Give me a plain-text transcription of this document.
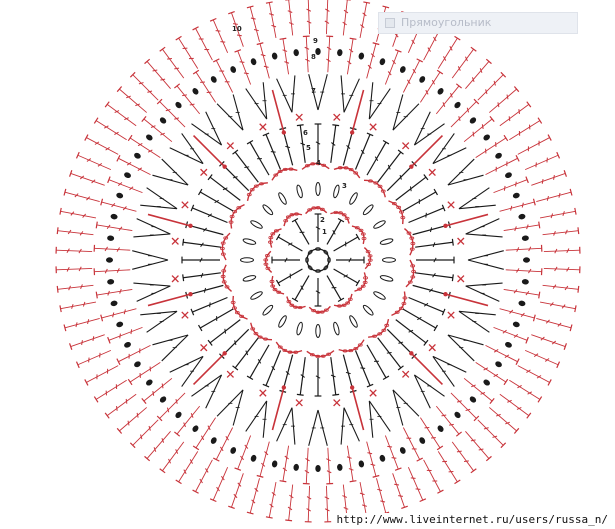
1
2
3
4
5
6
7
8
9
10	Прямоугольник
http://www.liveinternet.ru/users/russa_n/
